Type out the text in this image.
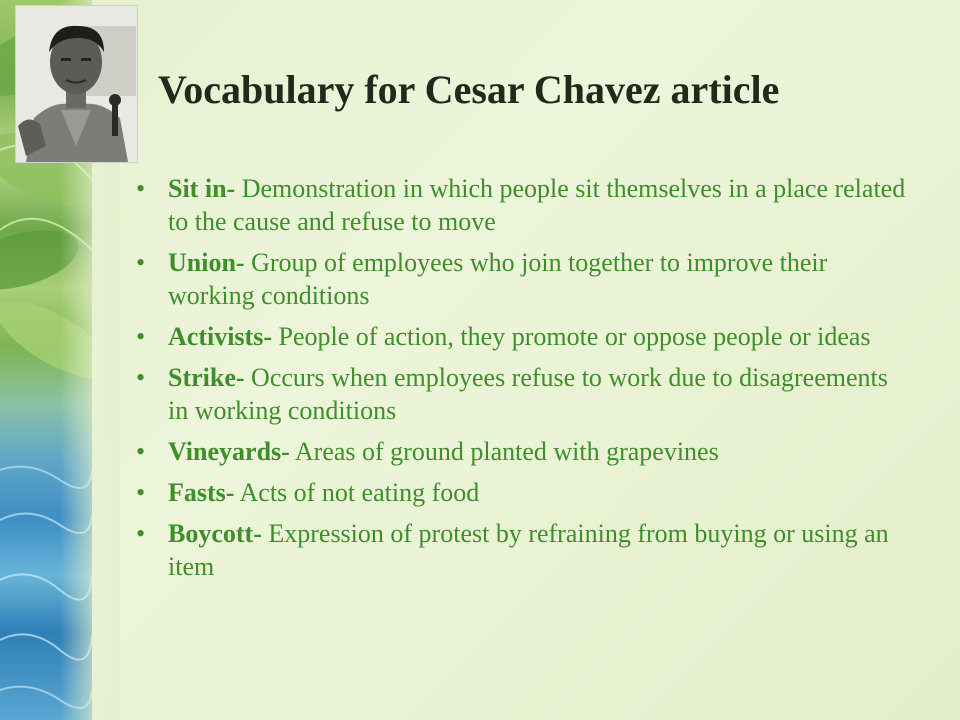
Vocabulary for Cesar Chavez article
• Sit in- Demonstration in which people sit themselves in a place related to the cause and refuse to move
• Union- Group of employees who join together to improve their working conditions
• Activists- People of action, they promote or oppose people or ideas
• Strike- Occurs when employees refuse to work due to disagreements in working conditions
• Vineyards- Areas of ground planted with grapevines
• Fasts- Acts of not eating food
• Boycott- Expression of protest by refraining from buying or using an item
